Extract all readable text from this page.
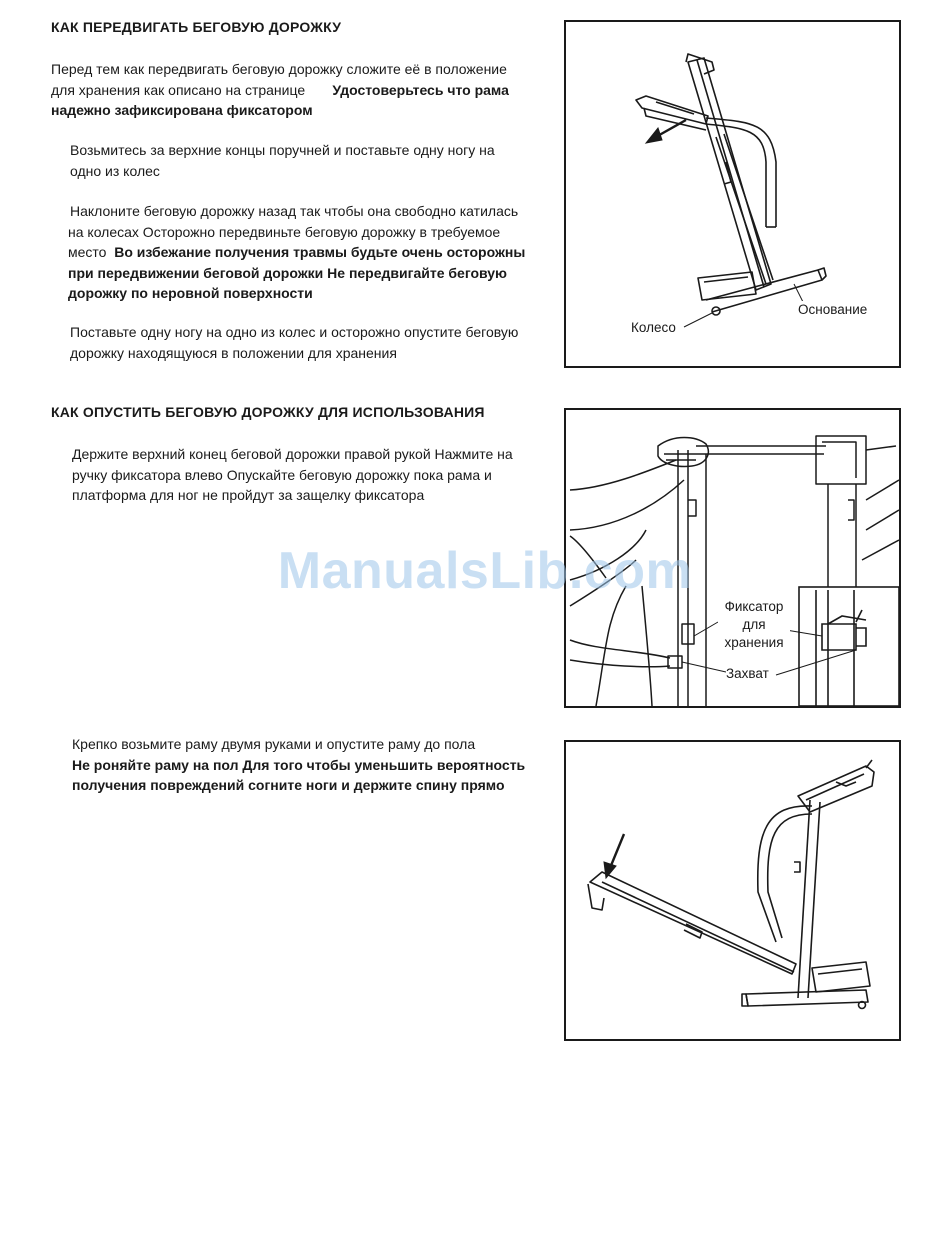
КАК ПЕРЕДВИГАТЬ БЕГОВУЮ ДОРОЖКУ
Перед тем как передвигать беговую дорожку сложите её в положение
для хранения как описано на странице Удостоверьтесь что рама
надежно зафиксирована фиксатором
Возьмитесь за верхние концы поручней и поставьте одну ногу на
одно из колес
Наклоните беговую дорожку назад так чтобы она свободно катилась
на колесах Осторожно передвиньте беговую дорожку в требуемое
место Во избежание получения травмы будьте очень осторожны
при передвижении беговой дорожки Не передвигайте беговую
дорожку по неровной поверхности
Поставьте одну ногу на одно из колес и осторожно опустите беговую
дорожку находящуюся в положении для хранения
Основание
Колесо
КАК ОПУСТИТЬ БЕГОВУЮ ДОРОЖКУ ДЛЯ ИСПОЛЬЗОВАНИЯ
Держите верхний конец беговой дорожки правой рукой Нажмите на
ручку фиксатора влево Опускайте беговую дорожку пока рама и
платформа для ног не пройдут за защелку фиксатора
Фиксатор
для
хранения
Захват
Крепко возьмите раму двумя руками и опустите раму до пола
Не роняйте раму на пол Для того чтобы уменьшить вероятность
получения повреждений согните ноги и держите спину прямо
ManualsLib.com
